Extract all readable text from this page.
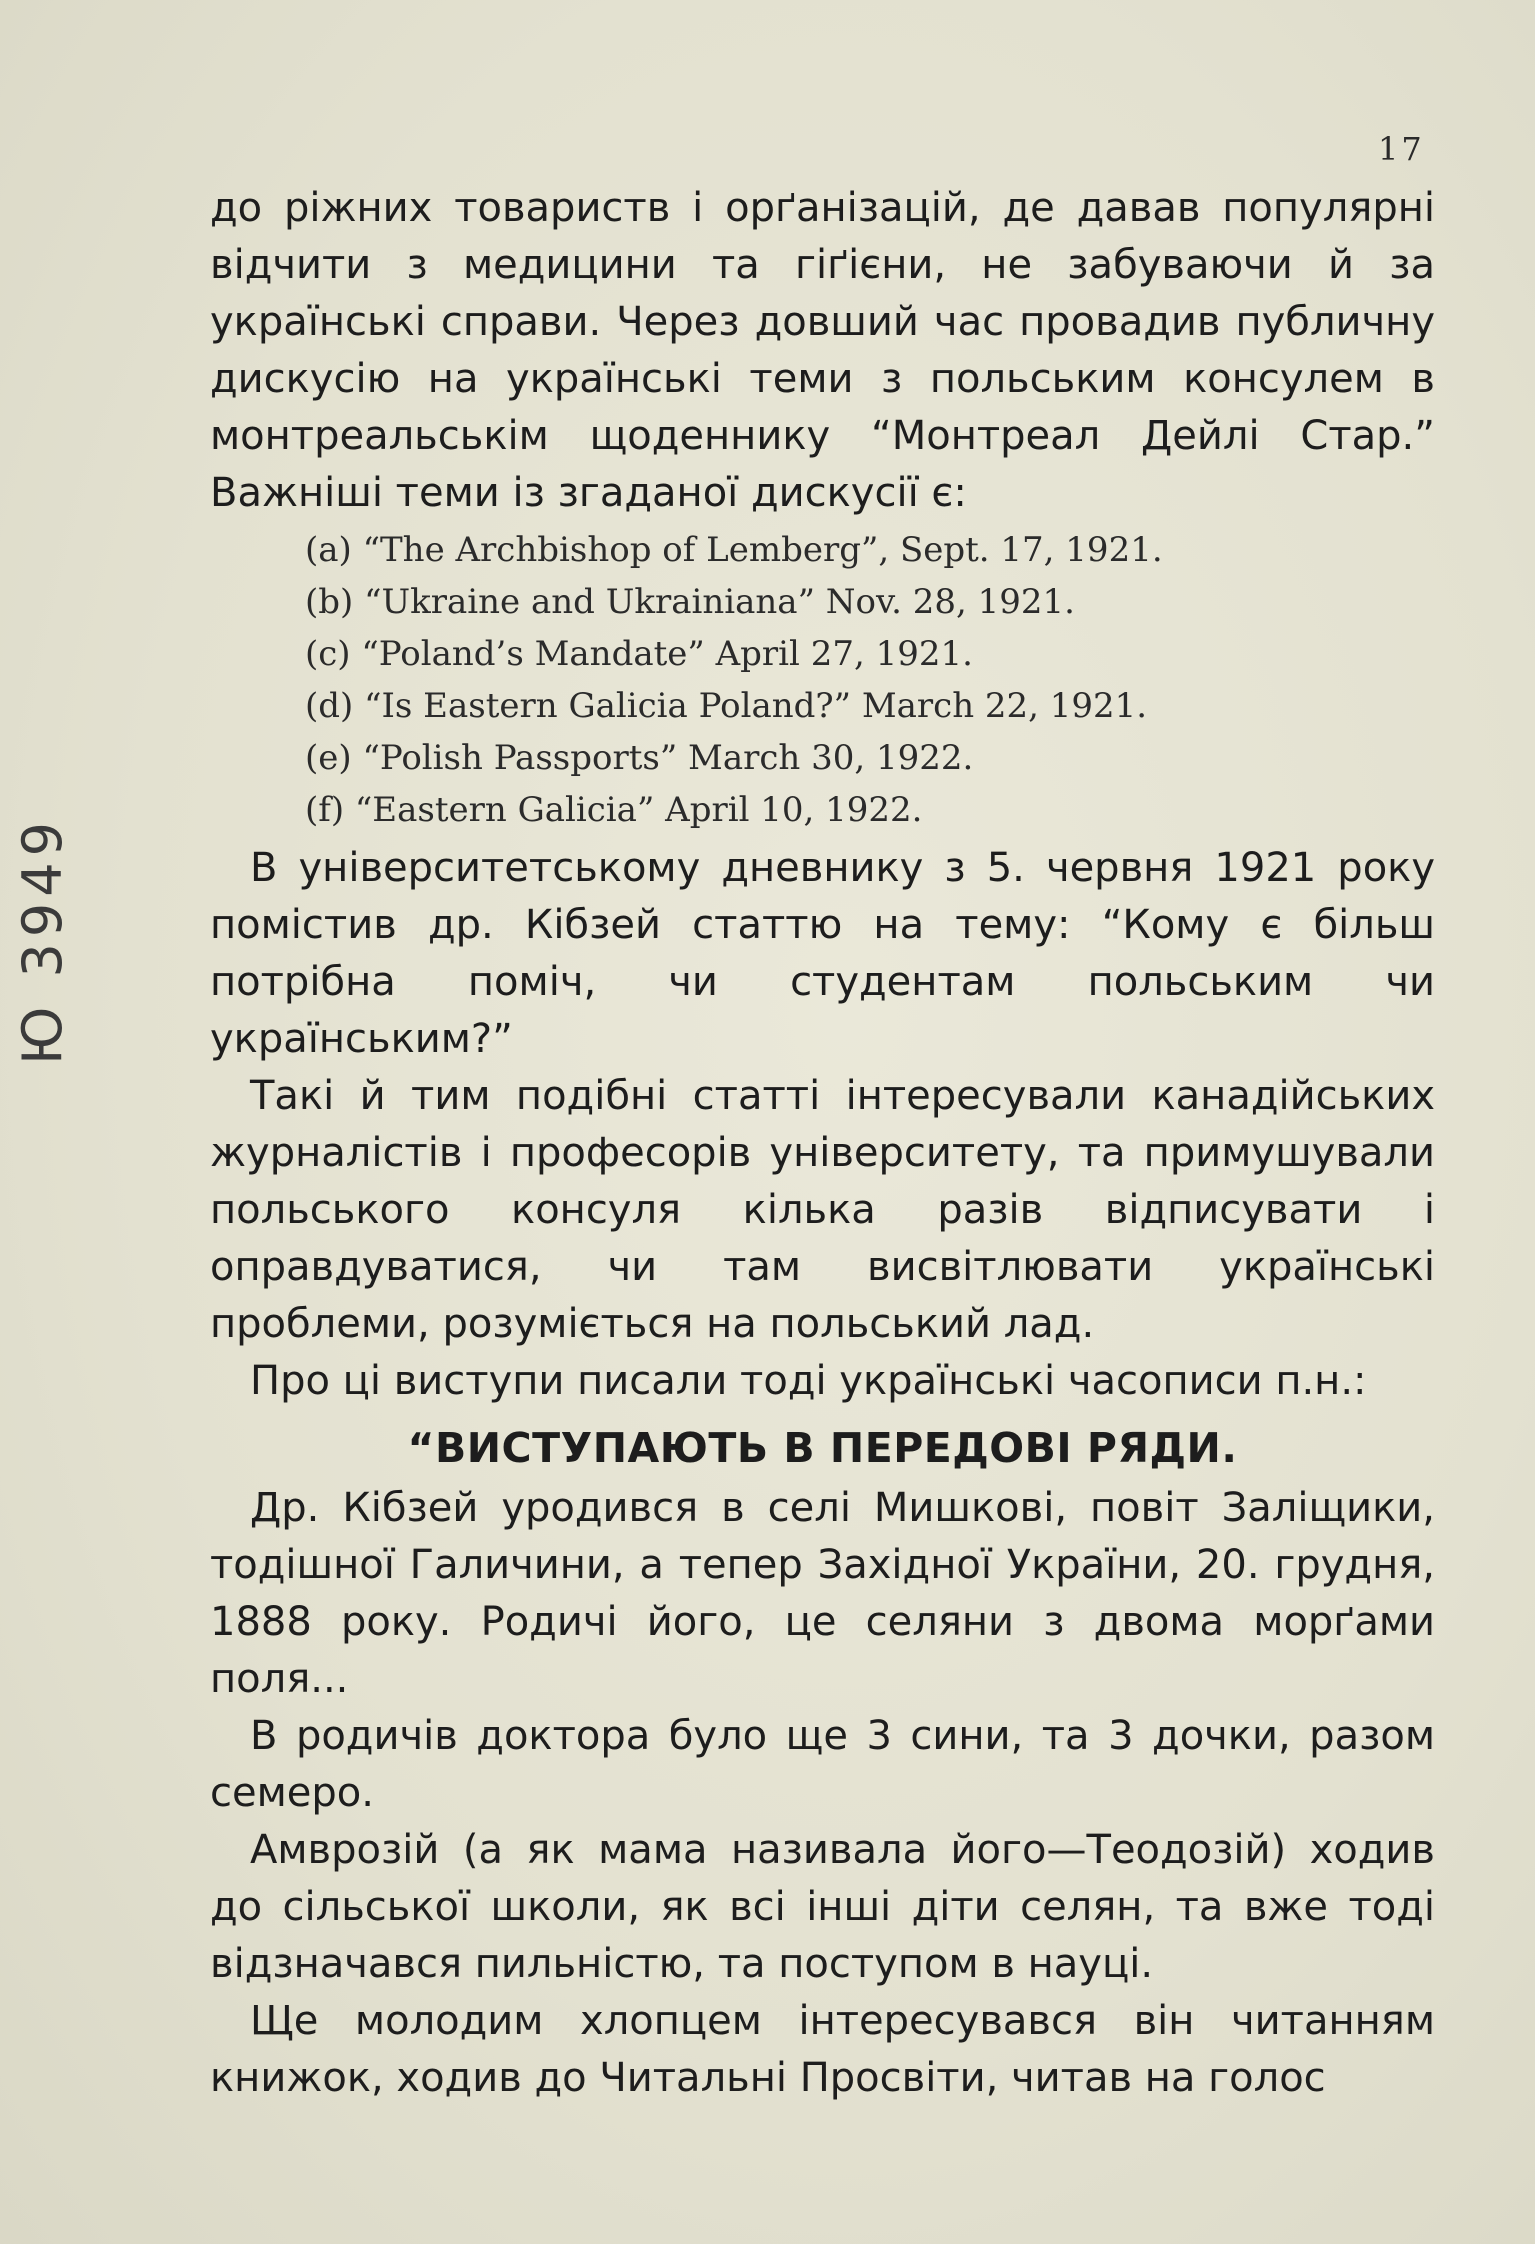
17
Ю 3949

до ріжних товариств і орґанізацій, де давав популярні відчити з медицини та гіґієни, не забуваючи й за українські справи. Через довший час провадив публичну дискусію на українські теми з польським консулем в монтреальськім щоденнику “Монтреал Дейлі Стар.” Важніші теми із згаданої дискусії є:

(a) “The Archbishop of Lemberg”, Sept. 17, 1921.
(b) “Ukraine and Ukrainiana” Nov. 28, 1921.
(c) “Poland’s Mandate” April 27, 1921.
(d) “Is Eastern Galicia Poland?” March 22, 1921.
(e) “Polish Passports” March 30, 1922.
(f) “Eastern Galicia” April 10, 1922.

В університетському дневнику з 5. червня 1921 року помістив др. Кібзей статтю на тему: “Кому є більш потрібна поміч, чи студентам польським чи українським?”

Такі й тим подібні статті інтересували канадійських журналістів і професорів університету, та примушували польського консуля кілька разів відписувати і оправдуватися, чи там висвітлювати українські проблеми, розуміється на польський лад.

Про ці виступи писали тоді українські часописи п.н.:

“ВИСТУПАЮТЬ В ПЕРЕДОВІ РЯДИ.

Др. Кібзей уродився в селі Мишкові, повіт Заліщики, тодішної Галичини, а тепер Західної України, 20. грудня, 1888 року. Родичі його, це селяни з двома морґами поля...

В родичів доктора було ще 3 сини, та 3 дочки, разом семеро.

Амврозій (а як мама називала його—Теодозій) ходив до сільської школи, як всі інші діти селян, та вже тоді відзначався пильністю, та поступом в науці.

Ще молодим хлопцем інтересувався він читанням книжок, ходив до Читальні Просвіти, читав на голос
